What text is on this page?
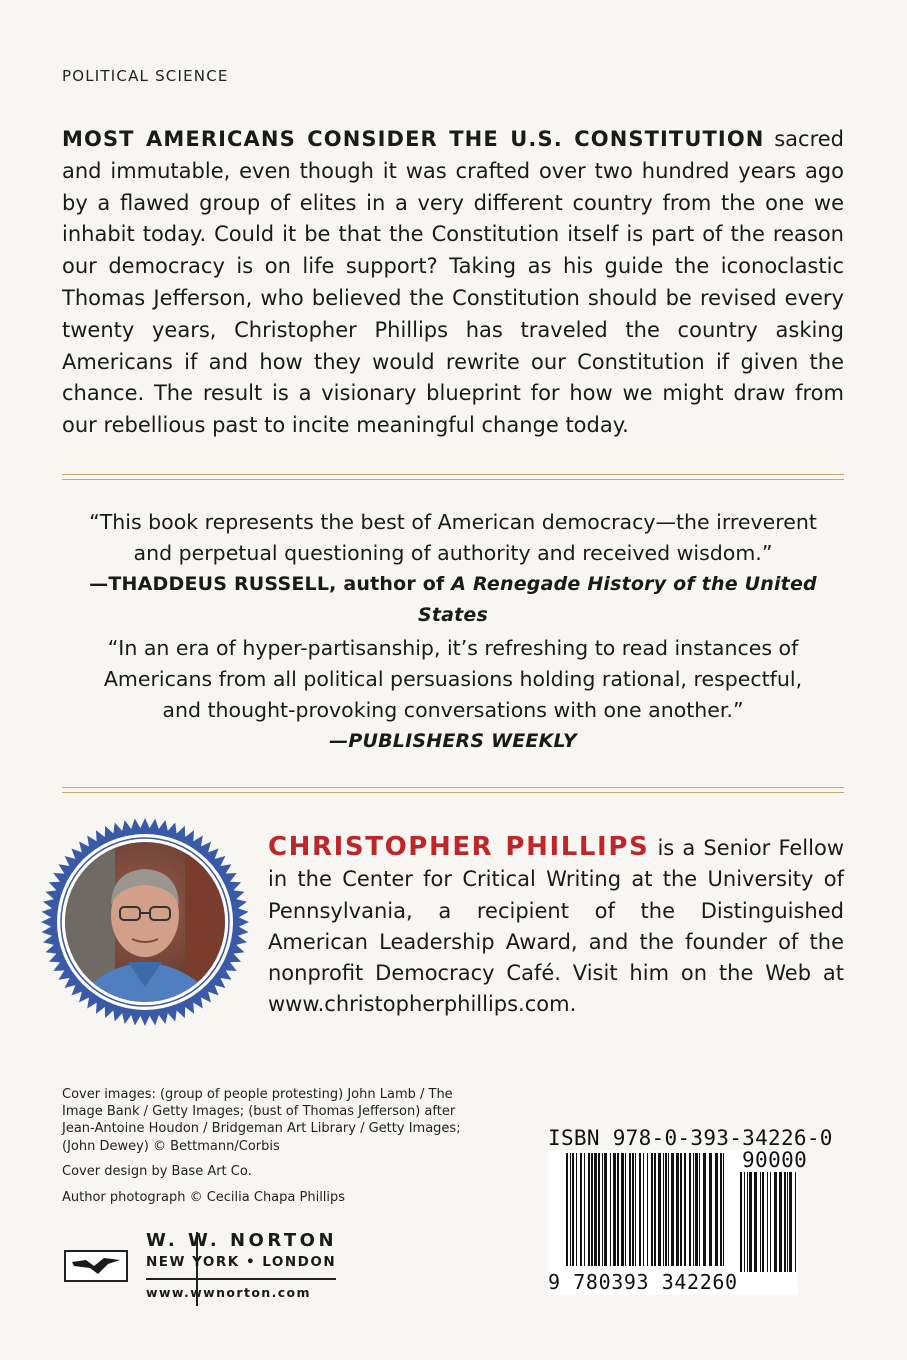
POLITICAL SCIENCE
MOST AMERICANS CONSIDER THE U.S. CONSTITUTION sacred and immutable, even though it was crafted over two hundred years ago by a flawed group of elites in a very different country from the one we inhabit today. Could it be that the Constitution itself is part of the reason our democracy is on life support? Taking as his guide the iconoclastic Thomas Jefferson, who believed the Constitution should be revised every twenty years, Christopher Phillips has traveled the country asking Americans if and how they would rewrite our Constitution if given the chance. The result is a visionary blueprint for how we might draw from our rebellious past to incite meaningful change today.
“This book represents the best of American democracy—the irreverent and perpetual questioning of authority and received wisdom.”
—THADDEUS RUSSELL, author of A Renegade History of the United States
“In an era of hyper-partisanship, it’s refreshing to read instances of Americans from all political persuasions holding rational, respectful, and thought-provoking conversations with one another.”
—PUBLISHERS WEEKLY
CHRISTOPHER PHILLIPS is a Senior Fellow in the Center for Critical Writing at the University of Pennsylvania, a recipient of the Distinguished American Leadership Award, and the founder of the nonprofit Democracy Café. Visit him on the Web at www.christopherphillips.com.
Cover images: (group of people protesting) John Lamb / The Image Bank / Getty Images; (bust of Thomas Jefferson) after Jean-Antoine Houdon / Bridgeman Art Library / Getty Images; (John Dewey) © Bettmann/Corbis
Cover design by Base Art Co.
Author photograph © Cecilia Chapa Phillips
W. W. NORTON
NEW YORK • LONDON
www.wwnorton.com
ISBN 978-0-393-34226-0
90000
9 780393 342260
